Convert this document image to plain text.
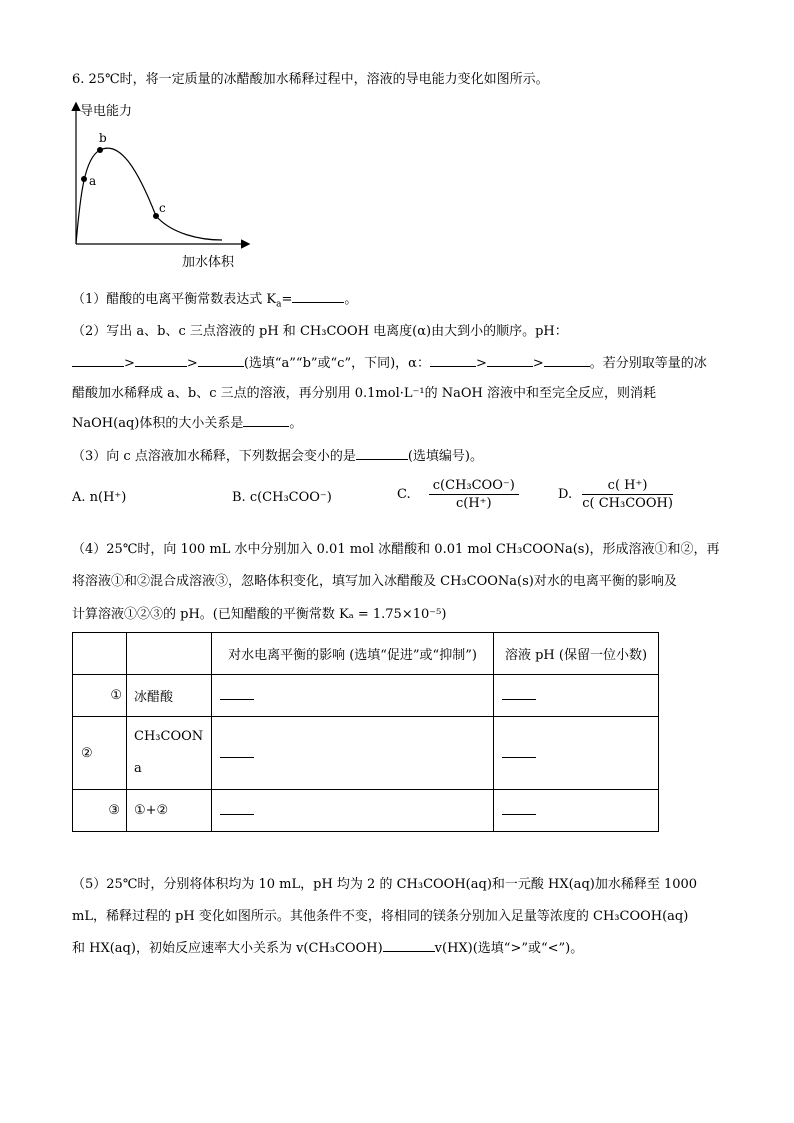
6. 25℃时，将一定质量的冰醋酸加水稀释过程中，溶液的导电能力变化如图所示。
a
b
c
导电能力
加水体积
（1）醋酸的电离平衡常数表达式 $K_a=$	。
（2）写出 a、b、c 三点溶液的 pH 和 CH₃COOH 电离度(α)由大到小的顺序。pH：
>	>	(选填“a”“b”或“c”，下同)，α：	>	>	。若分别取等量的冰
醋酸加水稀释成 a、b、c 三点的溶液，再分别用 0.1mol·L⁻¹的 NaOH 溶液中和至完全反应，则消耗
NaOH(aq)体积的大小关系是	。
（3）向 c 点溶液加水稀释，下列数据会变小的是	(选填编号)。
A. n(H⁺)	B. c(CH₃COO⁻)	C. $\frac{\text{c(CH₃COO⁻)}}{c(H^+)}$	D. $\frac{c( H^+)}{\text{c( CH₃COOH)}}$
（4）25℃时，向 100 mL 水中分别加入 0.01 mol 冰醋酸和 0.01 mol CH₃COONa(s)，形成溶液①和②，再
将溶液①和②混合成溶液③，忽略体积变化，填写加入冰醋酸及 CH₃COONa(s)对水的电离平衡的影响及
计算溶液①②③的 pH。(已知醋酸的平衡常数 Kₐ = 1.75×10⁻⁵)
		对水电离平衡的影响 (选填“促进”或“抑制”)	溶液 pH (保留一位小数)
①	冰醋酸		
②	CH₃COON
a		

③	①+②		
（5）25℃时，分别将体积均为 10 mL，pH 均为 2 的 CH₃COOH(aq)和一元酸 HX(aq)加水稀释至 1000
mL，稀释过程的 pH 变化如图所示。其他条件不变，将相同的镁条分别加入足量等浓度的 CH₃COOH(aq)
和 HX(aq)，初始反应速率大小关系为 v(CH₃COOH)	v(HX)(选填“>”或“<”)。
